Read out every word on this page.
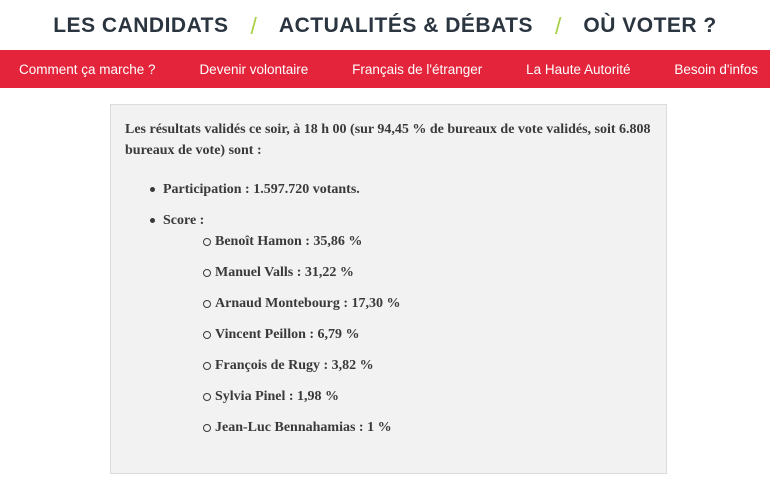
LES CANDIDATS / ACTUALITÉS & DÉBATS / OÙ VOTER ?
Comment ça marche ?	Devenir volontaire	Français de l'étranger	La Haute Autorité	Besoin d'infos

Les résultats validés ce soir, à 18 h 00 (sur 94,45 % de bureaux de vote validés, soit 6.808 bureaux de vote) sont :

Participation : 1.597.720 votants.
Score :
Benoît Hamon : 35,86 %
Manuel Valls : 31,22 %
Arnaud Montebourg : 17,30 %
Vincent Peillon : 6,79 %
François de Rugy : 3,82 %
Sylvia Pinel : 1,98 %
Jean-Luc Bennahamias : 1 %
